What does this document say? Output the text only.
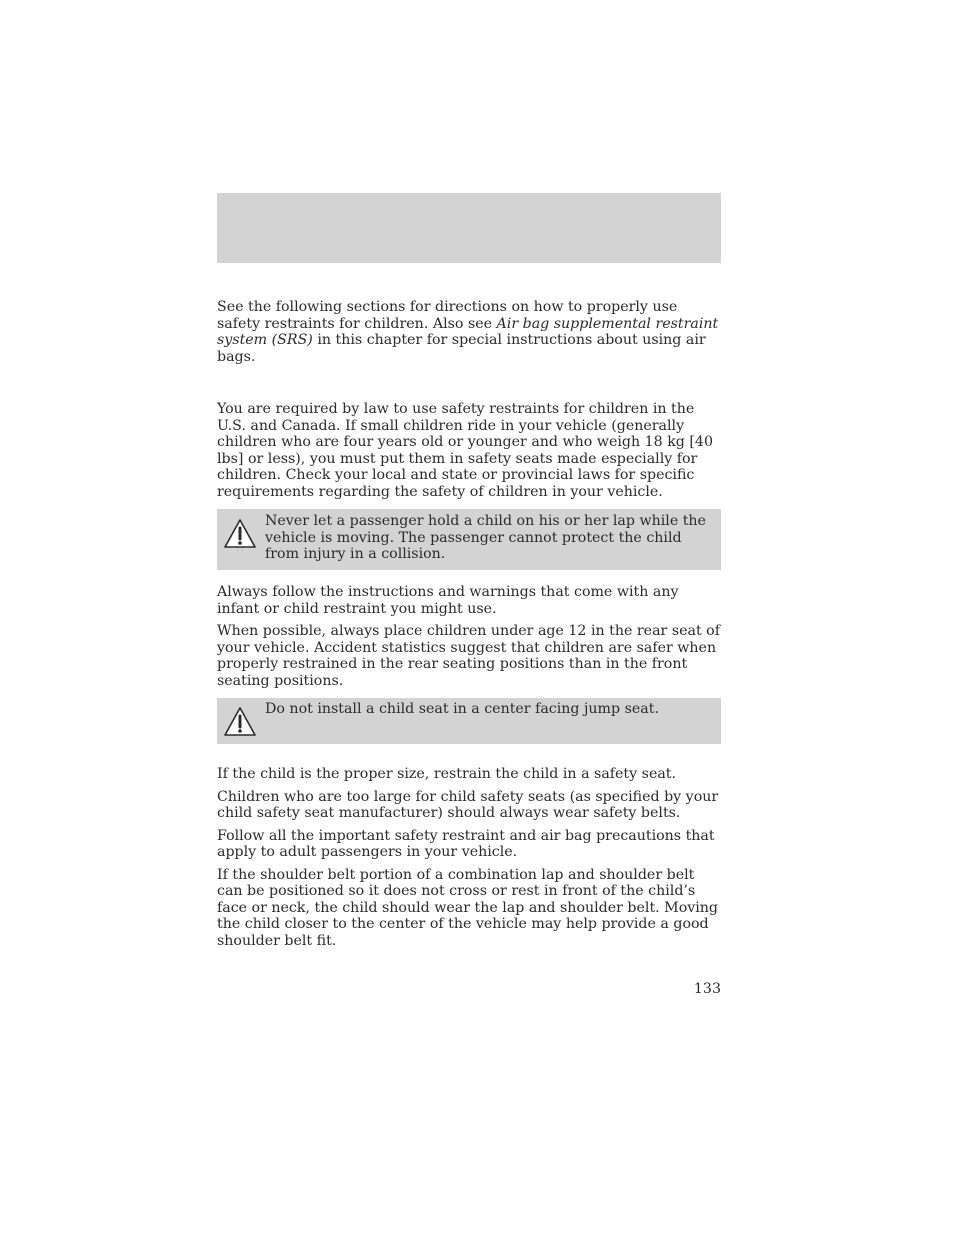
See the following sections for directions on how to properly use safety restraints for children. Also see Air bag supplemental restraint system (SRS) in this chapter for special instructions about using air bags.

You are required by law to use safety restraints for children in the U.S. and Canada. If small children ride in your vehicle (generally children who are four years old or younger and who weigh 18 kg [40 lbs] or less), you must put them in safety seats made especially for children. Check your local and state or provincial laws for specific requirements regarding the safety of children in your vehicle.

Never let a passenger hold a child on his or her lap while the vehicle is moving. The passenger cannot protect the child from injury in a collision.

Always follow the instructions and warnings that come with any infant or child restraint you might use.

When possible, always place children under age 12 in the rear seat of your vehicle. Accident statistics suggest that children are safer when properly restrained in the rear seating positions than in the front seating positions.

Do not install a child seat in a center facing jump seat.

If the child is the proper size, restrain the child in a safety seat.

Children who are too large for child safety seats (as specified by your child safety seat manufacturer) should always wear safety belts.

Follow all the important safety restraint and air bag precautions that apply to adult passengers in your vehicle.

If the shoulder belt portion of a combination lap and shoulder belt can be positioned so it does not cross or rest in front of the child’s face or neck, the child should wear the lap and shoulder belt. Moving the child closer to the center of the vehicle may help provide a good shoulder belt fit.

133
